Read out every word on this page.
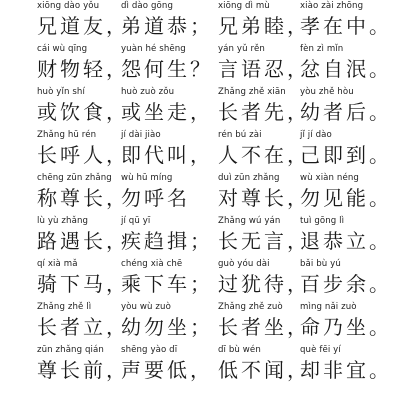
xiōng dào yǒu	dì dào gōng	xiōng dì mù	xiào zài zhōng
兄道友，
弟道恭； 兄弟睦，
孝在中。
cái wù qīng	yuàn hé shēng	yán yǔ rěn	fèn zì mǐn
财物轻，
怨何生？ 言语忍，
忿自泯。
huò yǐn shí	huò zuò zǒu	Zhǎng zhě xiān yòu zhě hòu
或饮食，
或坐走， 长者先，
幼者后。
Zhǎng hū rén	jí dài jiào	rén bú zài	jǐ jí dào
长呼人，
即代叫， 人不在，
己即到。
chēng zūn zhǎng wù hū míng	duì zūn zhǎng wù xiàn néng
称尊长，
勿呼名 对尊长，
勿见能。
lù yù zhǎng	jí qū yī	Zhǎng wú yán tuì gōng lì
路遇长，
疾趋揖； 长无言，
退恭立。
qí xià mǎ	chéng xià chē	guò yóu dài	bǎi bù yú
骑下马，
乘下车； 过犹待，
百步余。
Zhǎng zhě lì	yòu wù zuò	Zhǎng zhě zuò mìng nǎi zuò
长者立，
幼勿坐； 长者坐，
命乃坐。
zūn zhǎng qián shēng yào dī	dī bù wén	què fēi yí
尊长前，
声要低， 低不闻，
却非宜。
